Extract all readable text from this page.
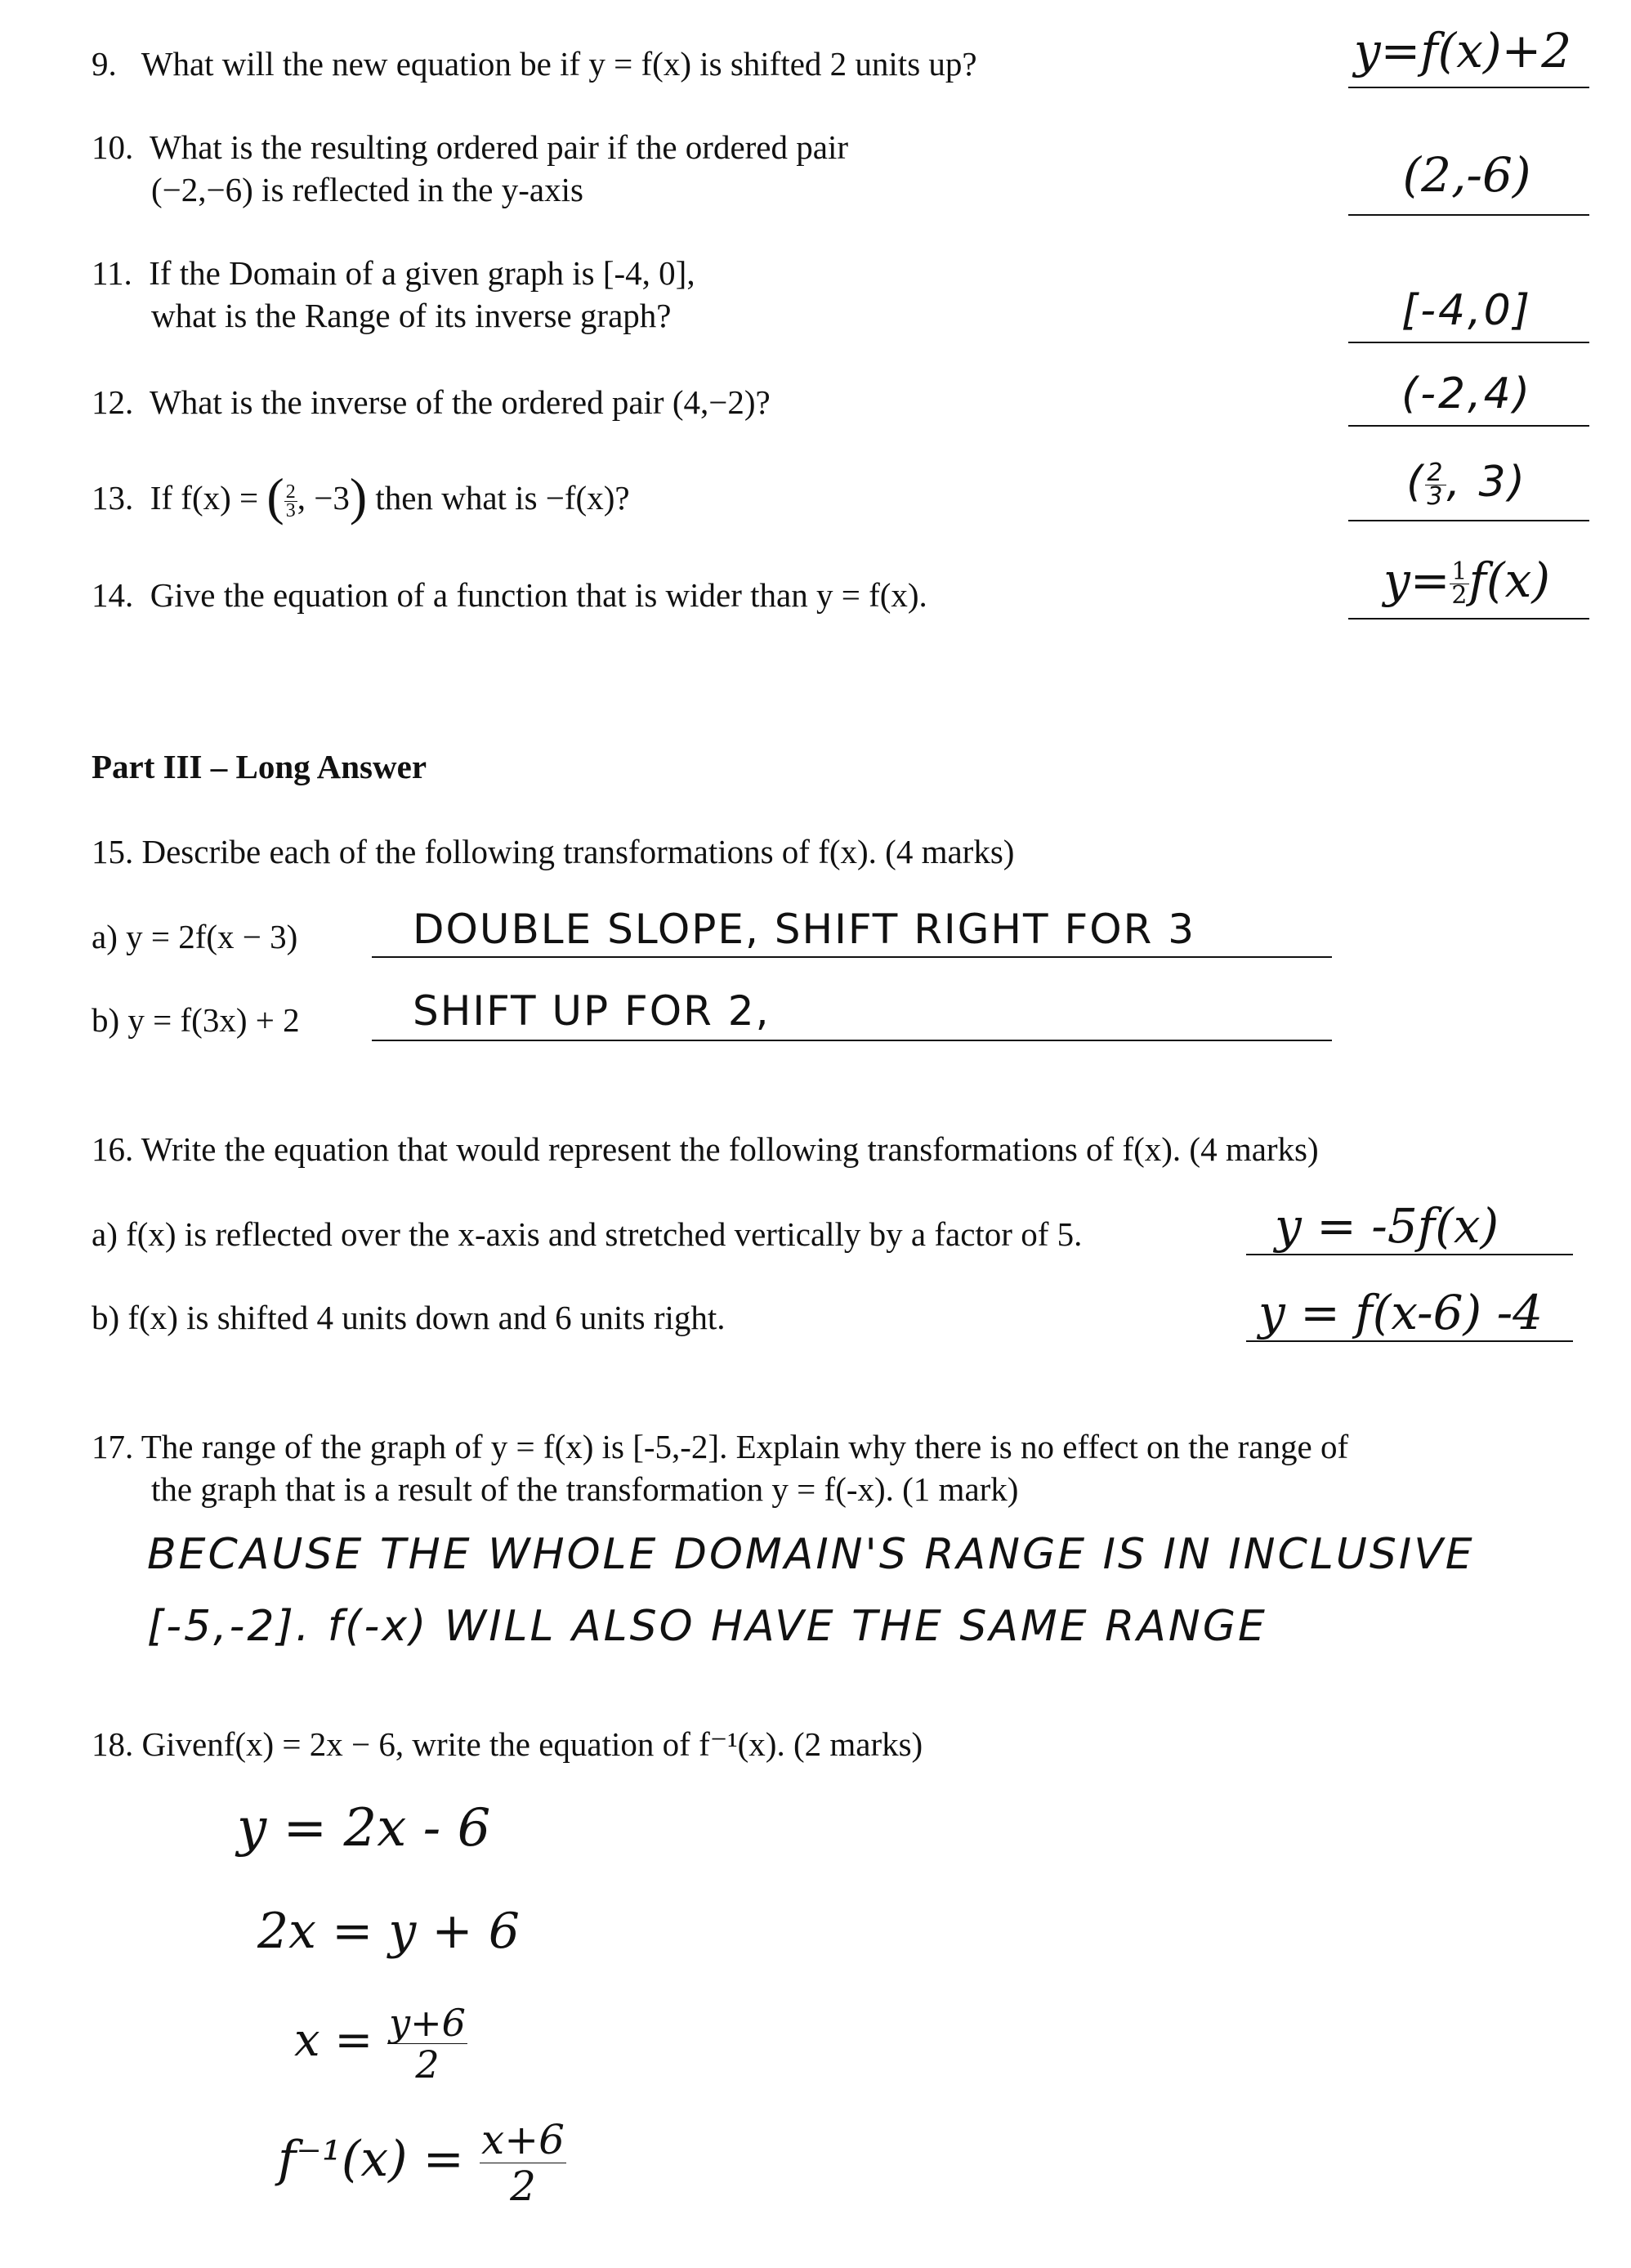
9. What will the new equation be if y = f(x) is shifted 2 units up?	y=f(x)+2
10. What is the resulting ordered pair if the ordered pair
(−2,−6) is reflected in the y-axis	(2,-6)
11. If the Domain of a given graph is [-4, 0],
what is the Range of its inverse graph?	[-4,0]
12. What is the inverse of the ordered pair (4,−2)?	(-2,4)
13. If f(x) = ( $\frac{2}{3}$ , −3) then what is −f(x)?	( $\frac{2}{3}$ , 3)
14. Give the equation of a function that is wider than y = f(x).	$y= \frac{1}{2} f(x)$
Part III – Long Answer
15. Describe each of the following transformations of f(x). (4 marks)
a) y = 2f(x − 3)	DOUBLE SLOPE, SHIFT RIGHT FOR 3
b) y = f(3x) + 2	SHIFT UP FOR 2,
16. Write the equation that would represent the following transformations of f(x). (4 marks)
a) f(x) is reflected over the x-axis and stretched vertically by a factor of 5.	y = -5f(x)
b) f(x) is shifted 4 units down and 6 units right.	y = f(x-6) -4
17. The range of the graph of y = f(x) is [-5,-2]. Explain why there is no effect on the range of
the graph that is a result of the transformation y = f(-x). (1 mark)
BECAUSE THE WHOLE DOMAIN'S RANGE IS IN INCLUSIVE
[-5,-2]. f(-x) WILL ALSO HAVE THE SAME RANGE
18. Givenf(x) = 2x − 6, write the equation of f⁻¹(x). (2 marks)
y = 2x - 6
2x = y + 6
$x = \frac{y+6}{2}$
$f^{-1}(x) = \frac{x+6}{2}$
